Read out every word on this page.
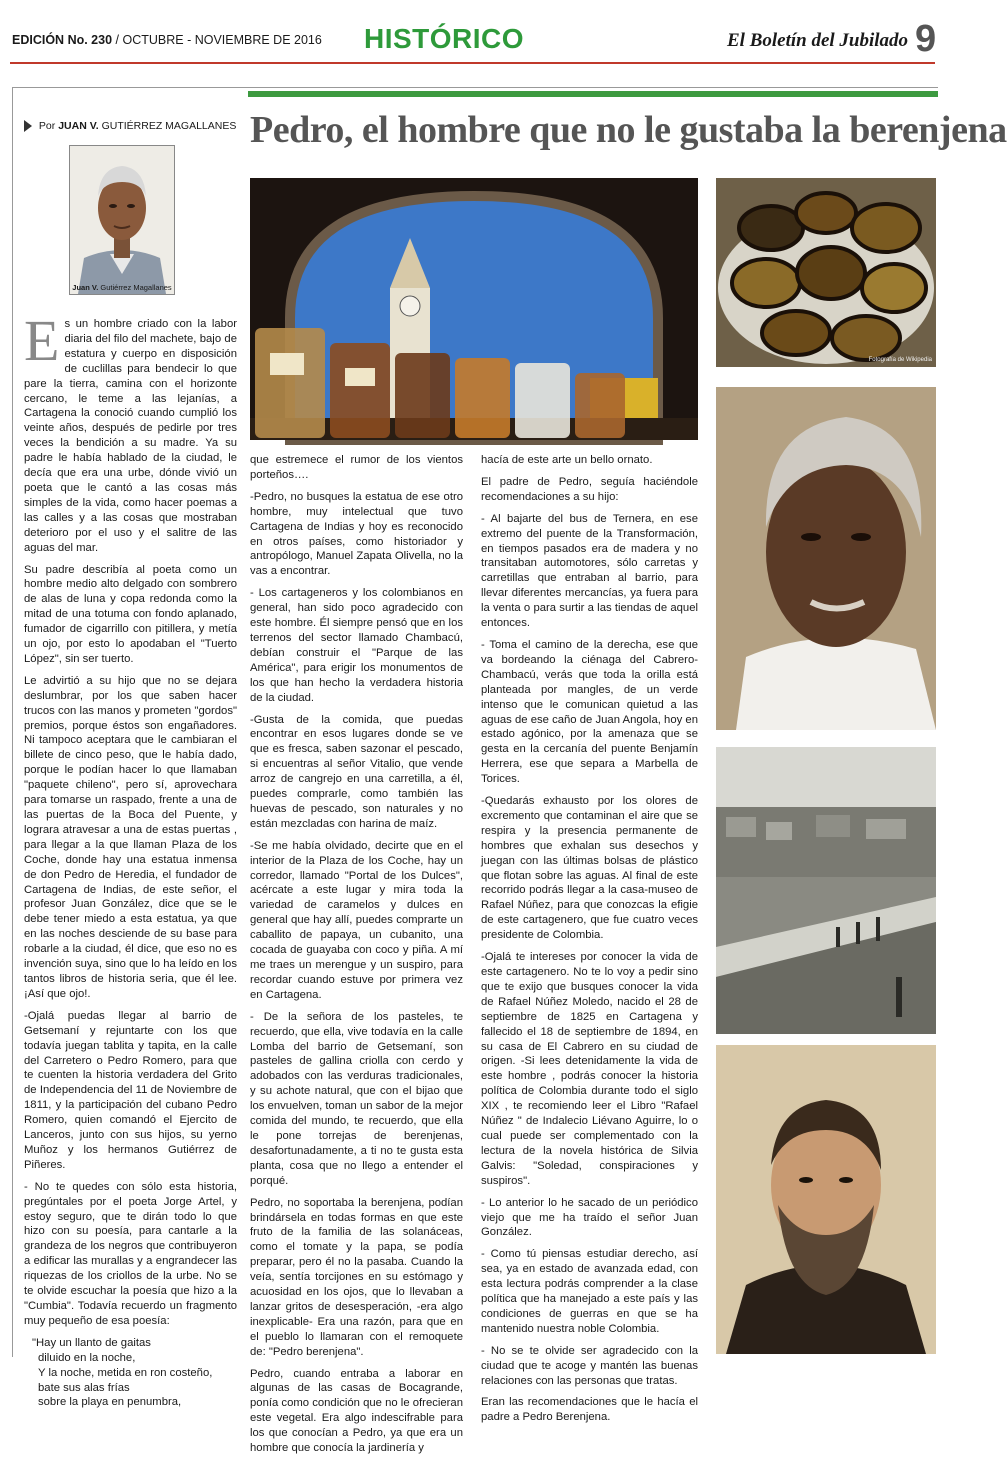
EDICIÓN No. 230 / OCTUBRE - NOVIEMBRE DE 2016 HISTÓRICO	El Boletín del Jubilado 9
Por JUAN V. GUTIÉRREZ MAGALLANES
Juan V. Gutiérrez Magallanes
Pedro, el hombre que no le gustaba la berenjena
Fotografía de Wikipedia

Es un hombre criado con la labor diaria del filo del machete, bajo de estatura y cuerpo en disposición de cuclillas para bendecir lo que pare la tierra, camina con el horizonte cercano, le teme a las lejanías, a Cartagena la conoció cuando cumplió los veinte años, después de pedirle por tres veces la bendición a su madre. Ya su padre le había hablado de la ciudad, le decía que era una urbe, dónde vivió un poeta que le cantó a las cosas más simples de la vida, como hacer poemas a las calles y a las cosas que mostraban deterioro por el uso y el salitre de las aguas del mar.

Su padre describía al poeta como un hombre medio alto delgado con sombrero de alas de luna y copa redonda como la mitad de una totuma con fondo aplanado, fumador de cigarrillo con pitillera, y metía un ojo, por esto lo apodaban el "Tuerto López", sin ser tuerto.

Le advirtió a su hijo que no se dejara deslumbrar, por los que saben hacer trucos con las manos y prometen "gordos" premios, porque éstos son engañadores. Ni tampoco aceptara que le cambiaran el billete de cinco peso, que le había dado, porque le podían hacer lo que llamaban "paquete chileno", pero sí, aprovechara para tomarse un raspado, frente a una de las puertas de la Boca del Puente, y lograra atravesar a una de estas puertas , para llegar a la que llaman Plaza de los Coche, donde hay una estatua inmensa de don Pedro de Heredia, el fundador de Cartagena de Indias, de este señor, el profesor Juan González, dice que se le debe tener miedo a esta estatua, ya que en las noches desciende de su base para robarle a la ciudad, él dice, que eso no es invención suya, sino que lo ha leído en los tantos libros de historia seria, que él lee. ¡Así que ojo!.

-Ojalá puedas llegar al barrio de Getsemaní y rejuntarte con los que todavía juegan tablita y tapita, en la calle del Carretero o Pedro Romero, para que te cuenten la historia verdadera del Grito de Independencia del 11 de Noviembre de 1811, y la participación del cubano Pedro Romero, quien comandó el Ejercito de Lanceros, junto con sus hijos, su yerno Muñoz y los hermanos Gutiérrez de Piñeres.

- No te quedes con sólo esta historia, pregúntales por el poeta Jorge Artel, y estoy seguro, que te dirán todo lo que hizo con su poesía, para cantarle a la grandeza de los negros que contribuyeron a edificar las murallas y a engrandecer las riquezas de los criollos de la urbe. No se te olvide escuchar la poesía que hizo a la "Cumbia". Todavía recuerdo un fragmento muy pequeño de esa poesía:

"Hay un llanto de gaitas

diluido en la noche,

Y la noche, metida en ron costeño,

bate sus alas frías

sobre la playa en penumbra,

que estremece el rumor de los vientos porteños….

-Pedro, no busques la estatua de ese otro hombre, muy intelectual que tuvo Cartagena de Indias y hoy es reconocido en otros países, como historiador y antropólogo, Manuel Zapata Olivella, no la vas a encontrar.

- Los cartageneros y los colombianos en general, han sido poco agradecido con este hombre. Él siempre pensó que en los terrenos del sector llamado Chambacú, debían construir el "Parque de las América", para erigir los monumentos de los que han hecho la verdadera historia de la ciudad.

-Gusta de la comida, que puedas encontrar en esos lugares donde se ve que es fresca, saben sazonar el pescado, si encuentras al señor Vitalio, que vende arroz de cangrejo en una carretilla, a él, puedes comprarle, como también las huevas de pescado, son naturales y no están mezcladas con harina de maíz.

-Se me había olvidado, decirte que en el interior de la Plaza de los Coche, hay un corredor, llamado "Portal de los Dulces", acércate a este lugar y mira toda la variedad de caramelos y dulces en general que hay allí, puedes comprarte un caballito de papaya, un cubanito, una cocada de guayaba con coco y piña. A mí me traes un merengue y un suspiro, para recordar cuando estuve por primera vez en Cartagena.

- De la señora de los pasteles, te recuerdo, que ella, vive todavía en la calle Lomba del barrio de Getsemaní, son pasteles de gallina criolla con cerdo y adobados con las verduras tradicionales, y su achote natural, que con el bijao que los envuelven, toman un sabor de la mejor comida del mundo, te recuerdo, que ella le pone torrejas de berenjenas, desafortunadamente, a ti no te gusta esta planta, cosa que no llego a entender el porqué.

Pedro, no soportaba la berenjena, podían brindársela en todas formas en que este fruto de la familia de las solanáceas, como el tomate y la papa, se podía preparar, pero él no la pasaba. Cuando la veía, sentía torcijones en su estómago y acuosidad en los ojos, que lo llevaban a lanzar gritos de desesperación, -era algo inexplicable- Era una razón, para que en el pueblo lo llamaran con el remoquete de: "Pedro berenjena".

Pedro, cuando entraba a laborar en algunas de las casas de Bocagrande, ponía como condición que no le ofrecieran este vegetal. Era algo indescifrable para los que conocían a Pedro, ya que era un hombre que conocía la jardinería y

hacía de este arte un bello ornato.

El padre de Pedro, seguía haciéndole recomendaciones a su hijo:

- Al bajarte del bus de Ternera, en ese extremo del puente de la Transformación, en tiempos pasados era de madera y no transitaban automotores, sólo carretas y carretillas que entraban al barrio, para llevar diferentes mercancías, ya fuera para la venta o para surtir a las tiendas de aquel entonces.

- Toma el camino de la derecha, ese que va bordeando la ciénaga del Cabrero- Chambacú, verás que toda la orilla está planteada por mangles, de un verde intenso que le comunican quietud a las aguas de ese caño de Juan Angola, hoy en estado agónico, por la amenaza que se gesta en la cercanía del puente Benjamín Herrera, ese que separa a Marbella de Torices.

-Quedarás exhausto por los olores de excremento que contaminan el aire que se respira y la presencia permanente de hombres que exhalan sus desechos y juegan con las últimas bolsas de plástico que flotan sobre las aguas. Al final de este recorrido podrás llegar a la casa-museo de Rafael Núñez, para que conozcas la efigie de este cartagenero, que fue cuatro veces presidente de Colombia.

-Ojalá te intereses por conocer la vida de este cartagenero. No te lo voy a pedir sino que te exijo que busques conocer la vida de Rafael Núñez Moledo, nacido el 28 de septiembre de 1825 en Cartagena y fallecido el 18 de septiembre de 1894, en su casa de El Cabrero en su ciudad de origen. -Si lees detenidamente la vida de este hombre , podrás conocer la historia política de Colombia durante todo el siglo XIX , te recomiendo leer el Libro "Rafael Núñez " de Indalecio Liévano Aguirre, lo o cual puede ser complementado con la lectura de la novela histórica de Silvia Galvis: "Soledad, conspiraciones y suspiros".

- Lo anterior lo he sacado de un periódico viejo que me ha traído el señor Juan González.

- Como tú piensas estudiar derecho, así sea, ya en estado de avanzada edad, con esta lectura podrás comprender a la clase política que ha manejado a este país y las condiciones de guerras en que se ha mantenido nuestra noble Colombia.

- No se te olvide ser agradecido con la ciudad que te acoge y mantén las buenas relaciones con las personas que tratas.

Eran las recomendaciones que le hacía el padre a Pedro Berenjena.
